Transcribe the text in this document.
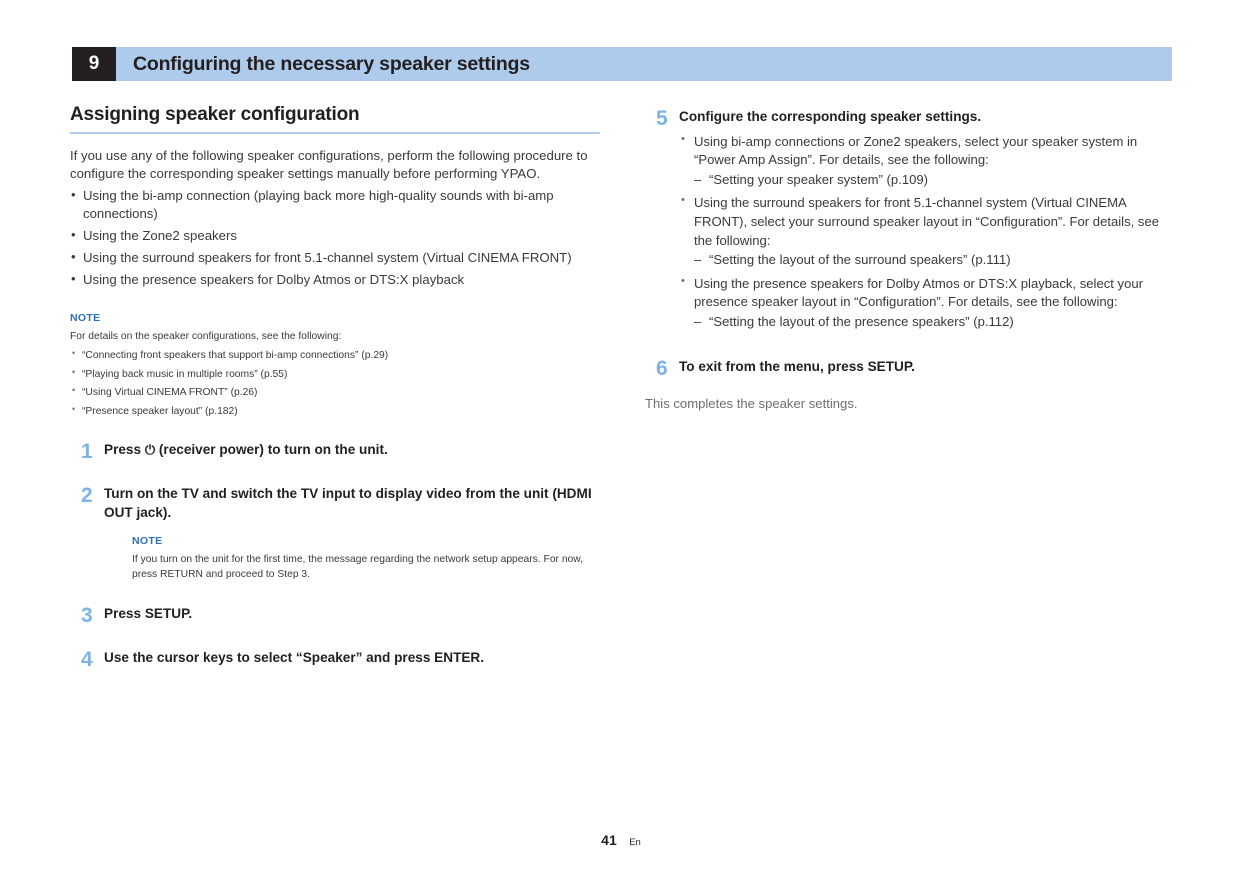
9	Configuring the necessary speaker settings
Assigning speaker configuration
If you use any of the following speaker configurations, perform the following procedure to configure the corresponding speaker settings manually before performing YPAO.
• Using the bi-amp connection (playing back more high-quality sounds with bi-amp connections)
• Using the Zone2 speakers
• Using the surround speakers for front 5.1-channel system (Virtual CINEMA FRONT)
• Using the presence speakers for Dolby Atmos or DTS:X playback
NOTE
For details on the speaker configurations, see the following:
• “Connecting front speakers that support bi-amp connections” (p.29)
• “Playing back music in multiple rooms” (p.55)
• “Using Virtual CINEMA FRONT” (p.26)
• “Presence speaker layout” (p.182)
1 Press ⏻ (receiver power) to turn on the unit.
2 Turn on the TV and switch the TV input to display video from the unit (HDMI OUT jack).
NOTE
If you turn on the unit for the first time, the message regarding the network setup appears. For now, press RETURN and proceed to Step 3.
3 Press SETUP.
4 Use the cursor keys to select “Speaker” and press ENTER.
5 Configure the corresponding speaker settings.
• Using bi-amp connections or Zone2 speakers, select your speaker system in “Power Amp Assign”. For details, see the following:
– “Setting your speaker system” (p.109)
• Using the surround speakers for front 5.1-channel system (Virtual CINEMA FRONT), select your surround speaker layout in “Configuration”. For details, see the following:
– “Setting the layout of the surround speakers” (p.111)
• Using the presence speakers for Dolby Atmos or DTS:X playback, select your presence speaker layout in “Configuration”. For details, see the following:
– “Setting the layout of the presence speakers” (p.112)
6 To exit from the menu, press SETUP.
This completes the speaker settings.
41 En
